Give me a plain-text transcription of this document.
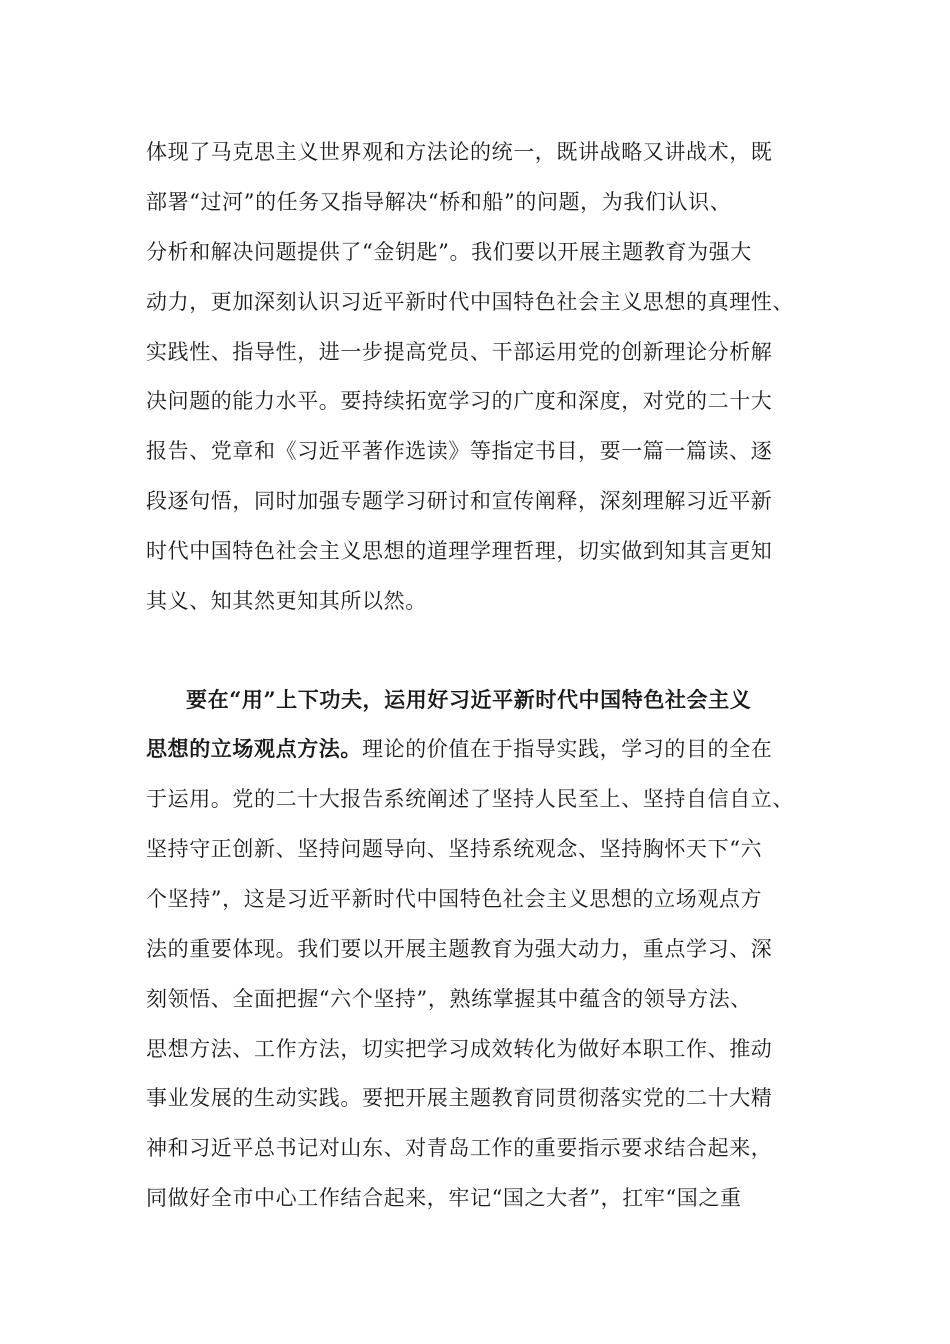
体现了马克思主义世界观和方法论的统一，既讲战略又讲战术，既
部署“过河”的任务又指导解决“桥和船”的问题，为我们认识、
分析和解决问题提供了“金钥匙”。我们要以开展主题教育为强大
动力，更加深刻认识习近平新时代中国特色社会主义思想的真理性、
实践性、指导性，进一步提高党员、干部运用党的创新理论分析解
决问题的能力水平。要持续拓宽学习的广度和深度，对党的二十大
报告、党章和《习近平著作选读》等指定书目，要一篇一篇读、逐
段逐句悟，同时加强专题学习研讨和宣传阐释，深刻理解习近平新
时代中国特色社会主义思想的道理学理哲理，切实做到知其言更知
其义、知其然更知其所以然。
要在“用”上下功夫，运用好习近平新时代中国特色社会主义
思想的立场观点方法。理论的价值在于指导实践，学习的目的全在
于运用。党的二十大报告系统阐述了坚持人民至上、坚持自信自立、
坚持守正创新、坚持问题导向、坚持系统观念、坚持胸怀天下“六
个坚持”，这是习近平新时代中国特色社会主义思想的立场观点方
法的重要体现。我们要以开展主题教育为强大动力，重点学习、深
刻领悟、全面把握“六个坚持”，熟练掌握其中蕴含的领导方法、
思想方法、工作方法，切实把学习成效转化为做好本职工作、推动
事业发展的生动实践。要把开展主题教育同贯彻落实党的二十大精
神和习近平总书记对山东、对青岛工作的重要指示要求结合起来，
同做好全市中心工作结合起来，牢记“国之大者”，扛牢“国之重
